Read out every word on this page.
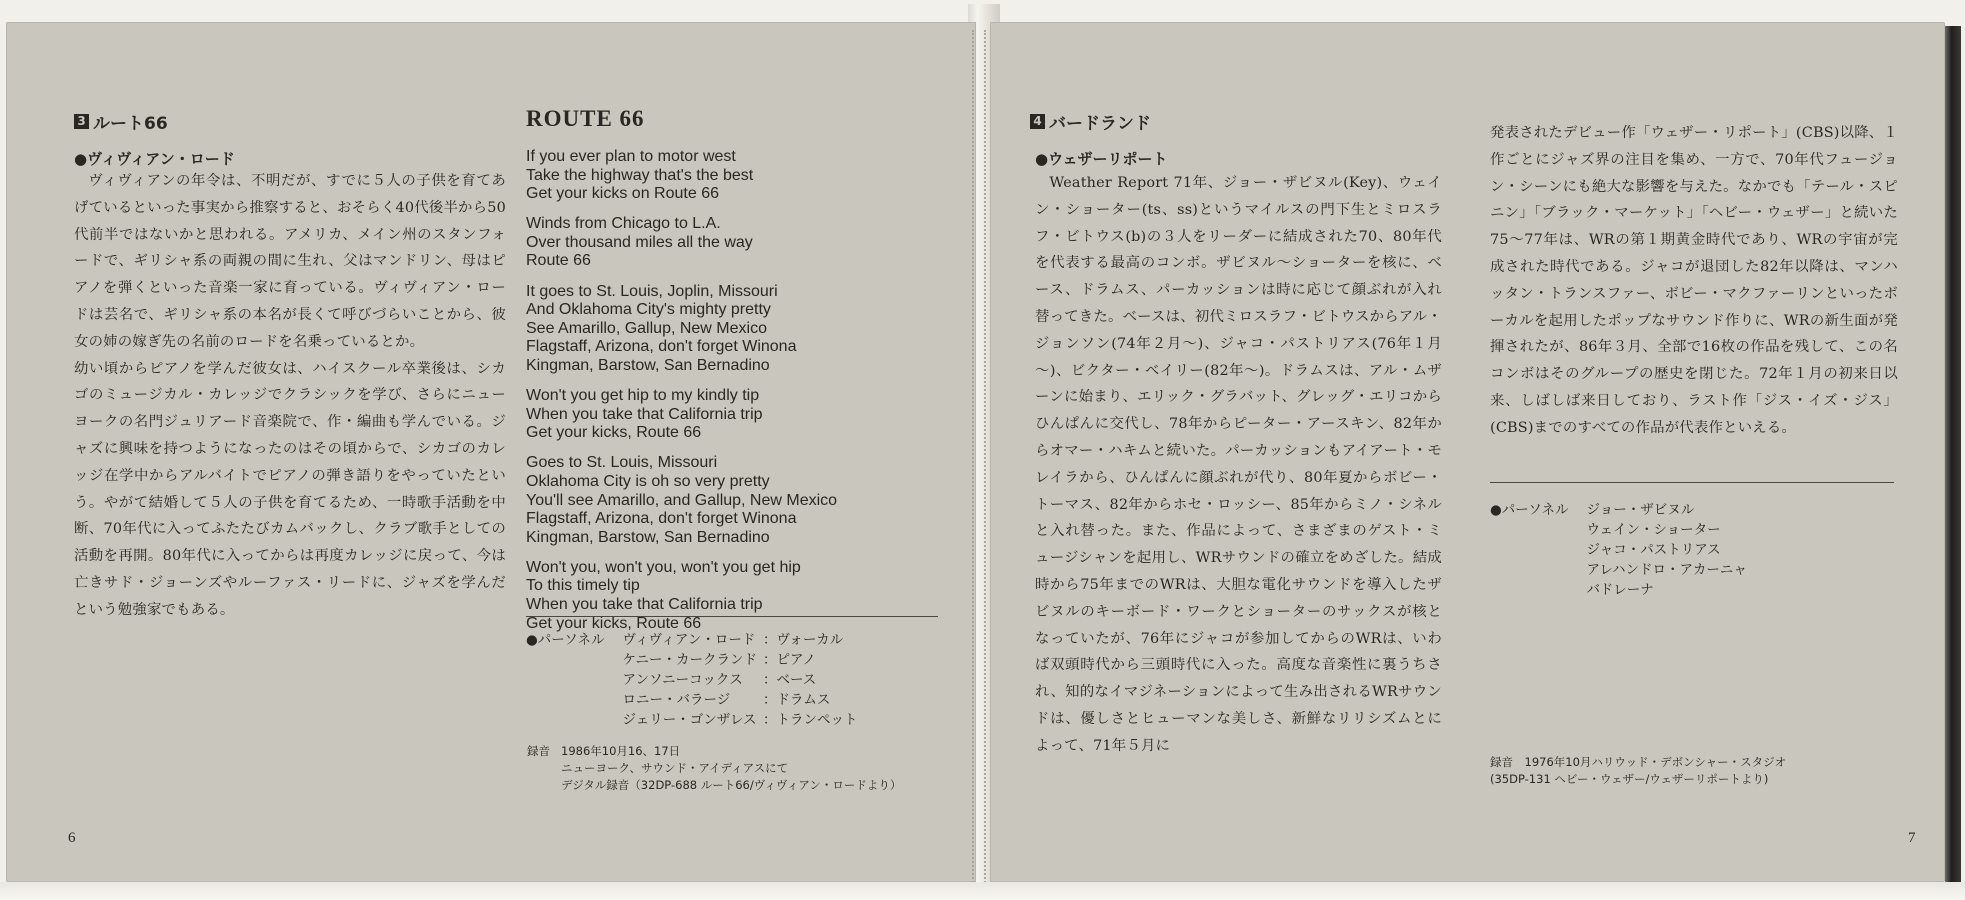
3 ルート66
●ヴィヴィアン・ロード
ヴィヴィアンの年令は、不明だが、すでに５人の子供を育てあげているといった事実から推察すると、おそらく40代後半から50代前半ではないかと思われる。アメリカ、メイン州のスタンフォードで、ギリシャ系の両親の間に生れ、父はマンドリン、母はピアノを弾くといった音楽一家に育っている。ヴィヴィアン・ロードは芸名で、ギリシャ系の本名が長くて呼びづらいことから、彼女の姉の嫁ぎ先の名前のロードを名乗っているとか。
幼い頃からピアノを学んだ彼女は、ハイスクール卒業後は、シカゴのミュージカル・カレッジでクラシックを学び、さらにニューヨークの名門ジュリアード音楽院で、作・編曲も学んでいる。ジャズに興味を持つようになったのはその頃からで、シカゴのカレッジ在学中からアルバイトでピアノの弾き語りをやっていたという。やがて結婚して５人の子供を育てるため、一時歌手活動を中断、70年代に入ってふたたびカムバックし、クラブ歌手としての活動を再開。80年代に入ってからは再度カレッジに戻って、今は亡きサド・ジョーンズやルーファス・リードに、ジャズを学んだという勉強家でもある。
ROUTE 66
If you ever plan to motor west
Take the highway that's the best
Get your kicks on Route 66
Winds from Chicago to L.A.
Over thousand miles all the way
Route 66
It goes to St. Louis, Joplin, Missouri
And Oklahoma City's mighty pretty
See Amarillo, Gallup, New Mexico
Flagstaff, Arizona, don't forget Winona
Kingman, Barstow, San Bernadino
Won't you get hip to my kindly tip
When you take that California trip
Get your kicks, Route 66
Goes to St. Louis, Missouri
Oklahoma City is oh so very pretty
You'll see Amarillo, and Gallup, New Mexico
Flagstaff, Arizona, don't forget Winona
Kingman, Barstow, San Bernadino
Won't you, won't you, won't you get hip
To this timely tip
When you take that California trip
Get your kicks, Route 66
●パーソネル	ヴィヴィアン・ロード	：ヴォーカル
	ケニー・カークランド	：ピアノ
	アンソニーコックス	：ベース
	ロニー・バラージ	：ドラムス
	ジェリー・ゴンザレス	：トランペット
録音	1986年10月16、17日
ニューヨーク、サウンド・アイディアスにて
デジタル録音（32DP-688 ルート66/ヴィヴィアン・ロードより）
6
4 バードランド
●ウェザーリポート
Weather Report 71年、ジョー・ザビヌル(Key)、ウェイン・ショーター(ts、ss)というマイルスの門下生とミロスラフ・ビトウス(b)の３人をリーダーに結成された70、80年代を代表する最高のコンボ。ザビヌル～ショーターを核に、ベース、ドラムス、パーカッションは時に応じて顔ぶれが入れ替ってきた。ベースは、初代ミロスラフ・ビトウスからアル・ジョンソン(74年２月～)、ジャコ・パストリアス(76年１月～)、ビクター・ベイリー(82年～)。ドラムスは、アル・ムザーンに始まり、エリック・グラバット、グレッグ・エリコからひんぱんに交代し、78年からピーター・アースキン、82年からオマー・ハキムと続いた。パーカッションもアイアート・モレイラから、ひんぱんに顔ぶれが代り、80年夏からボビー・トーマス、82年からホセ・ロッシー、85年からミノ・シネルと入れ替った。また、作品によって、さまざまのゲスト・ミュージシャンを起用し、WRサウンドの確立をめざした。結成時から75年までのWRは、大胆な電化サウンドを導入したザビヌルのキーボード・ワークとショーターのサックスが核となっていたが、76年にジャコが参加してからのWRは、いわば双頭時代から三頭時代に入った。高度な音楽性に裏うちされ、知的なイマジネーションによって生み出されるWRサウンドは、優しさとヒューマンな美しさ、新鮮なリリシズムとによって、71年５月に
発表されたデビュー作「ウェザー・リポート」(CBS)以降、１作ごとにジャズ界の注目を集め、一方で、70年代フュージョン・シーンにも絶大な影響を与えた。なかでも「テール・スピニン」「ブラック・マーケット」「ヘビー・ウェザー」と続いた75～77年は、WRの第１期黄金時代であり、WRの宇宙が完成された時代である。ジャコが退団した82年以降は、マンハッタン・トランスファー、ボビー・マクファーリンといったボーカルを起用したポップなサウンド作りに、WRの新生面が発揮されたが、86年３月、全部で16枚の作品を残して、この名コンボはそのグループの歴史を閉じた。72年１月の初来日以来、しばしば来日しており、ラスト作「ジス・イズ・ジス」(CBS)までのすべての作品が代表作といえる。
●パーソネル	ジョー・ザビヌル
ウェイン・ショーター
ジャコ・パストリアス
アレハンドロ・アカーニャ
バドレーナ
録音　1976年10月ハリウッド・デボンシャー・スタジオ
(35DP-131 ヘビー・ウェザー/ウェザーリポートより)
7
